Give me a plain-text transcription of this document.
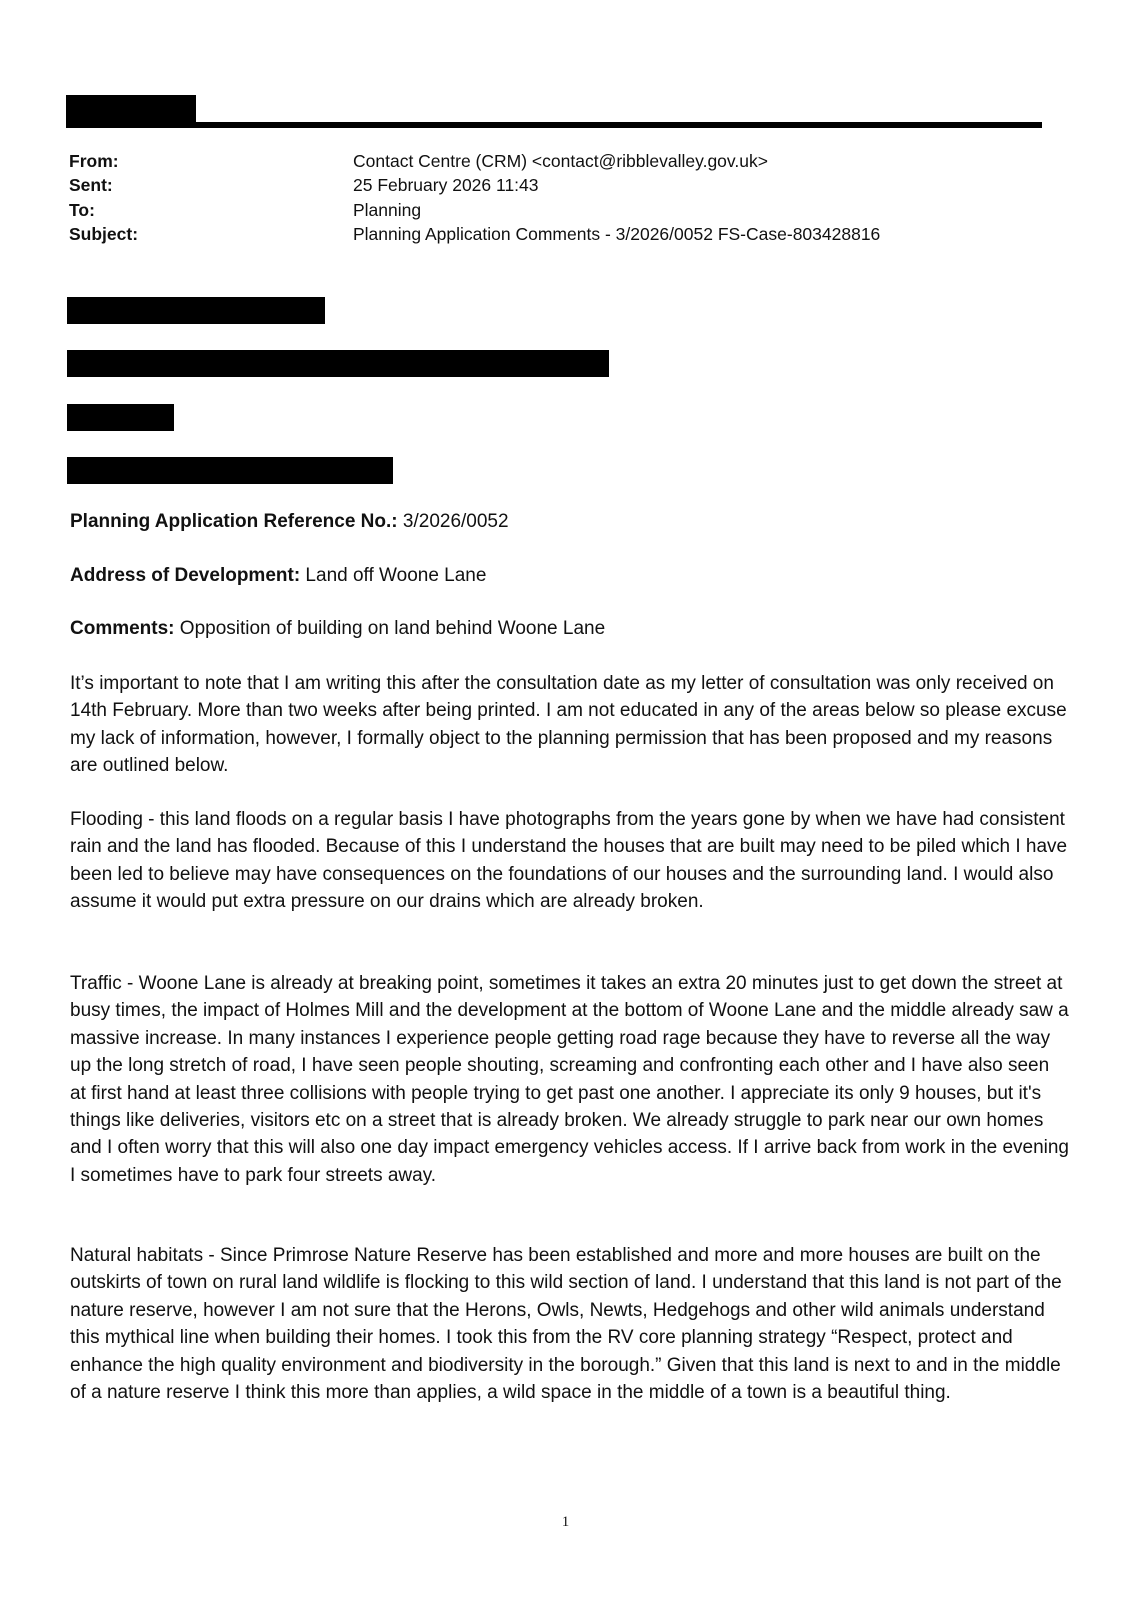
From:	Contact Centre (CRM) <contact@ribblevalley.gov.uk>
Sent:	25 February 2026 11:43
To:	Planning
Subject:	Planning Application Comments - 3/2026/0052 FS-Case-803428816

Planning Application Reference No.: 3/2026/0052

Address of Development: Land off Woone Lane

Comments: Opposition of building on land behind Woone Lane

It’s important to note that I am writing this after the consultation date as my letter of consultation was only received on 14th February. More than two weeks after being printed. I am not educated in any of the areas below so please excuse my lack of information, however, I formally object to the planning permission that has been proposed and my reasons are outlined below.

Flooding - this land floods on a regular basis I have photographs from the years gone by when we have had consistent rain and the land has flooded. Because of this I understand the houses that are built may need to be piled which I have been led to believe may have consequences on the foundations of our houses and the surrounding land. I would also assume it would put extra pressure on our drains which are already broken.

Traffic - Woone Lane is already at breaking point, sometimes it takes an extra 20 minutes just to get down the street at busy times, the impact of Holmes Mill and the development at the bottom of Woone Lane and the middle already saw a massive increase. In many instances I experience people getting road rage because they have to reverse all the way up the long stretch of road, I have seen people shouting, screaming and confronting each other and I have also seen at first hand at least three collisions with people trying to get past one another. I appreciate its only 9 houses, but it's things like deliveries, visitors etc on a street that is already broken. We already struggle to park near our own homes and I often worry that this will also one day impact emergency vehicles access. If I arrive back from work in the evening I sometimes have to park four streets away.

Natural habitats - Since Primrose Nature Reserve has been established and more and more houses are built on the outskirts of town on rural land wildlife is flocking to this wild section of land. I understand that this land is not part of the nature reserve, however I am not sure that the Herons, Owls, Newts, Hedgehogs and other wild animals understand this mythical line when building their homes. I took this from the RV core planning strategy “Respect, protect and enhance the high quality environment and biodiversity in the borough.” Given that this land is next to and in the middle of a nature reserve I think this more than applies, a wild space in the middle of a town is a beautiful thing.

1
